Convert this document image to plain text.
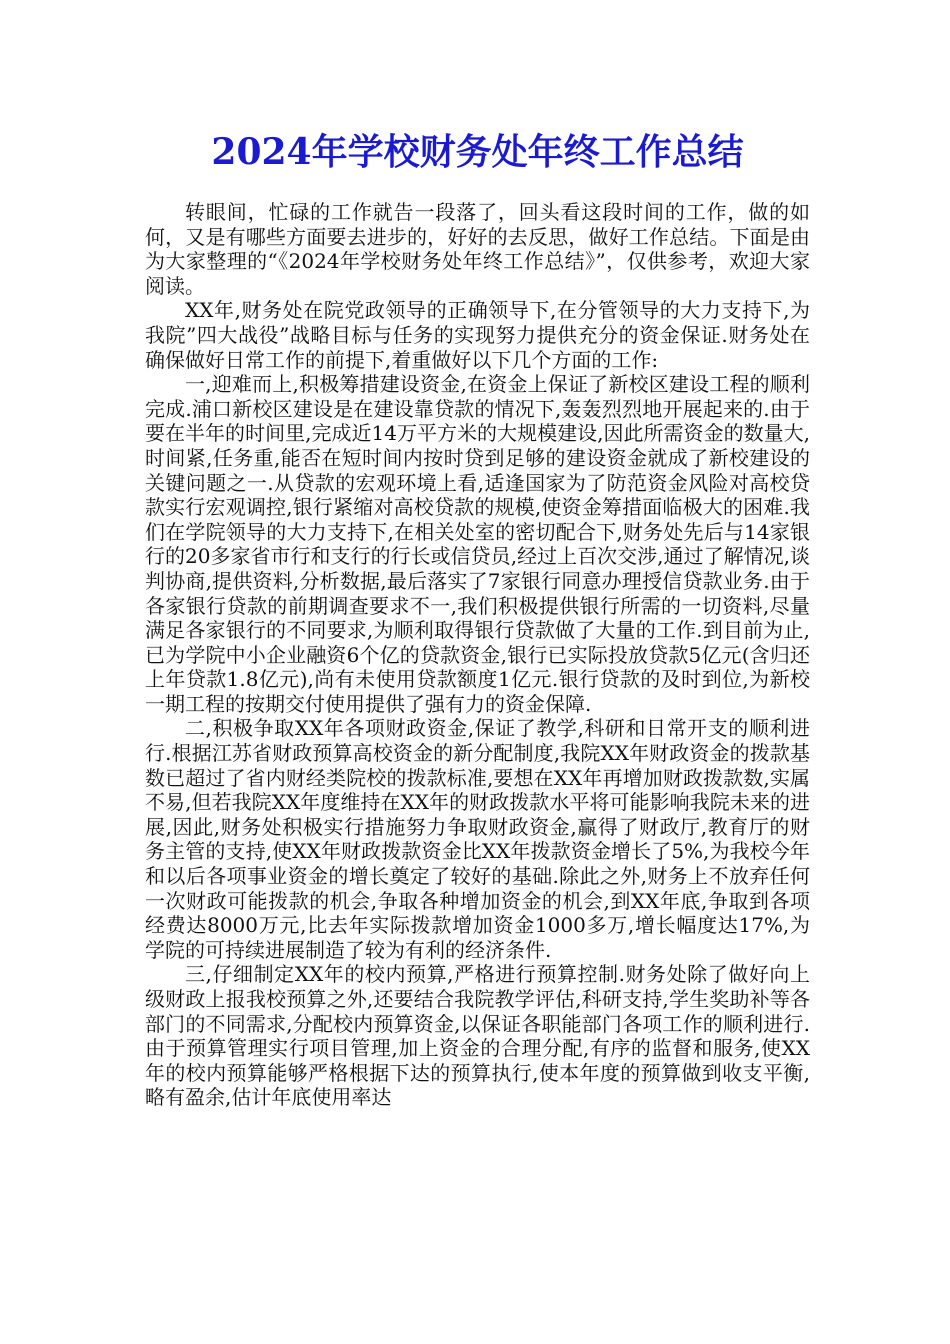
2024年学校财务处年终工作总结

转眼间，忙碌的工作就告一段落了，回头看这段时间的工作，做的如何，又是有哪些方面要去进步的，好好的去反思，做好工作总结。下面是由为大家整理的“《2024年学校财务处年终工作总结》”，仅供参考，欢迎大家阅读。

XX年,财务处在院党政领导的正确领导下,在分管领导的大力支持下,为我院”四大战役”战略目标与任务的实现努力提供充分的资金保证.财务处在确保做好日常工作的前提下,着重做好以下几个方面的工作:

一,迎难而上,积极筹措建设资金,在资金上保证了新校区建设工程的顺利完成.浦口新校区建设是在建设靠贷款的情况下,轰轰烈烈地开展起来的.由于要在半年的时间里,完成近14万平方米的大规模建设,因此所需资金的数量大,时间紧,任务重,能否在短时间内按时贷到足够的建设资金就成了新校建设的关键问题之一.从贷款的宏观环境上看,适逢国家为了防范资金风险对高校贷款实行宏观调控,银行紧缩对高校贷款的规模,使资金筹措面临极大的困难.我们在学院领导的大力支持下,在相关处室的密切配合下,财务处先后与14家银行的20多家省市行和支行的行长或信贷员,经过上百次交涉,通过了解情况,谈判协商,提供资料,分析数据,最后落实了7家银行同意办理授信贷款业务.由于各家银行贷款的前期调查要求不一,我们积极提供银行所需的一切资料,尽量满足各家银行的不同要求,为顺利取得银行贷款做了大量的工作.到目前为止,已为学院中小企业融资6个亿的贷款资金,银行已实际投放贷款5亿元(含归还上年贷款1.8亿元),尚有未使用贷款额度1亿元.银行贷款的及时到位,为新校一期工程的按期交付使用提供了强有力的资金保障.

二,积极争取XX年各项财政资金,保证了教学,科研和日常开支的顺利进行.根据江苏省财政预算高校资金的新分配制度,我院XX年财政资金的拨款基数已超过了省内财经类院校的拨款标准,要想在XX年再增加财政拨款数,实属不易,但若我院XX年度维持在XX年的财政拨款水平将可能影响我院未来的进展,因此,财务处积极实行措施努力争取财政资金,赢得了财政厅,教育厅的财务主管的支持,使XX年财政拨款资金比XX年拨款资金增长了5%,为我校今年和以后各项事业资金的增长奠定了较好的基础.除此之外,财务上不放弃任何一次财政可能拨款的机会,争取各种增加资金的机会,到XX年底,争取到各项经费达8000万元,比去年实际拨款增加资金1000多万,增长幅度达17%,为学院的可持续进展制造了较为有利的经济条件.

三,仔细制定XX年的校内预算,严格进行预算控制.财务处除了做好向上级财政上报我校预算之外,还要结合我院教学评估,科研支持,学生奖助补等各部门的不同需求,分配校内预算资金,以保证各职能部门各项工作的顺利进行.由于预算管理实行项目管理,加上资金的合理分配,有序的监督和服务,使XX年的校内预算能够严格根据下达的预算执行,使本年度的预算做到收支平衡,略有盈余,估计年底使用率达
